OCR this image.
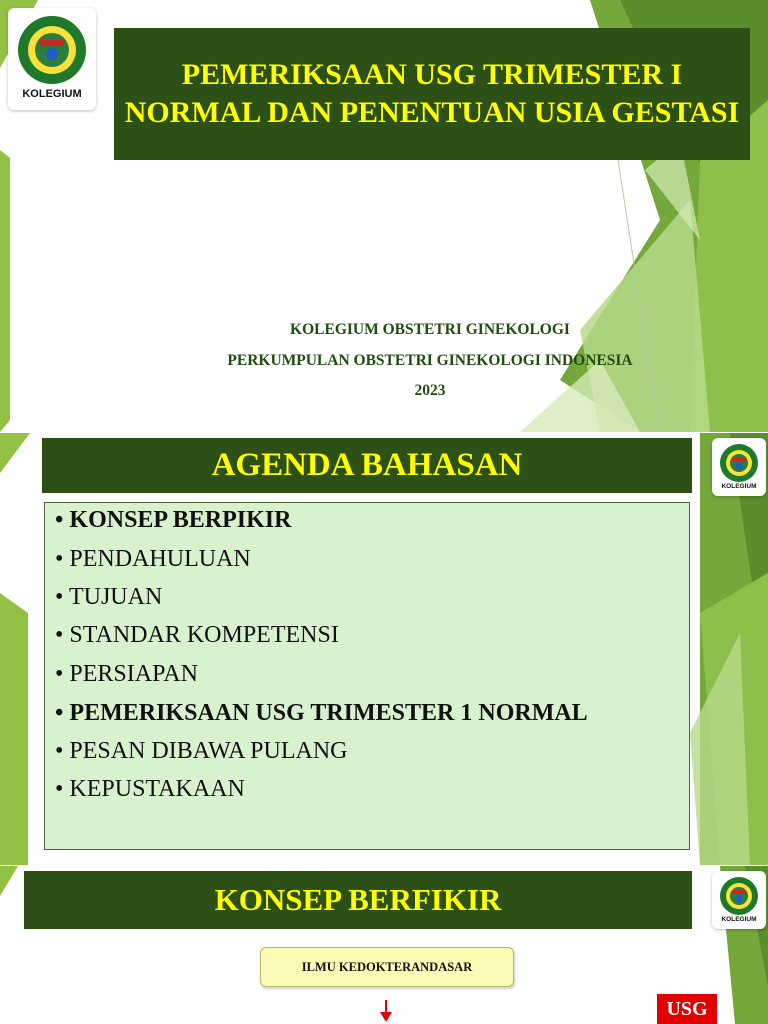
KOLEGIUM
PEMERIKSAAN USG TRIMESTER I NORMAL DAN PENENTUAN USIA GESTASI
KOLEGIUM OBSTETRI GINEKOLOGI
PERKUMPULAN OBSTETRI GINEKOLOGI INDONESIA
2023
KOLEGIUM
AGENDA BAHASAN
• KONSEP BERPIKIR
• PENDAHULUAN
• TUJUAN
• STANDAR KOMPETENSI
• PERSIAPAN
• PEMERIKSAAN USG TRIMESTER 1 NORMAL
• PESAN DIBAWA PULANG
• KEPUSTAKAAN
KOLEGIUM
KONSEP BERFIKIR
ILMU KEDOKTERANDASAR
USG
